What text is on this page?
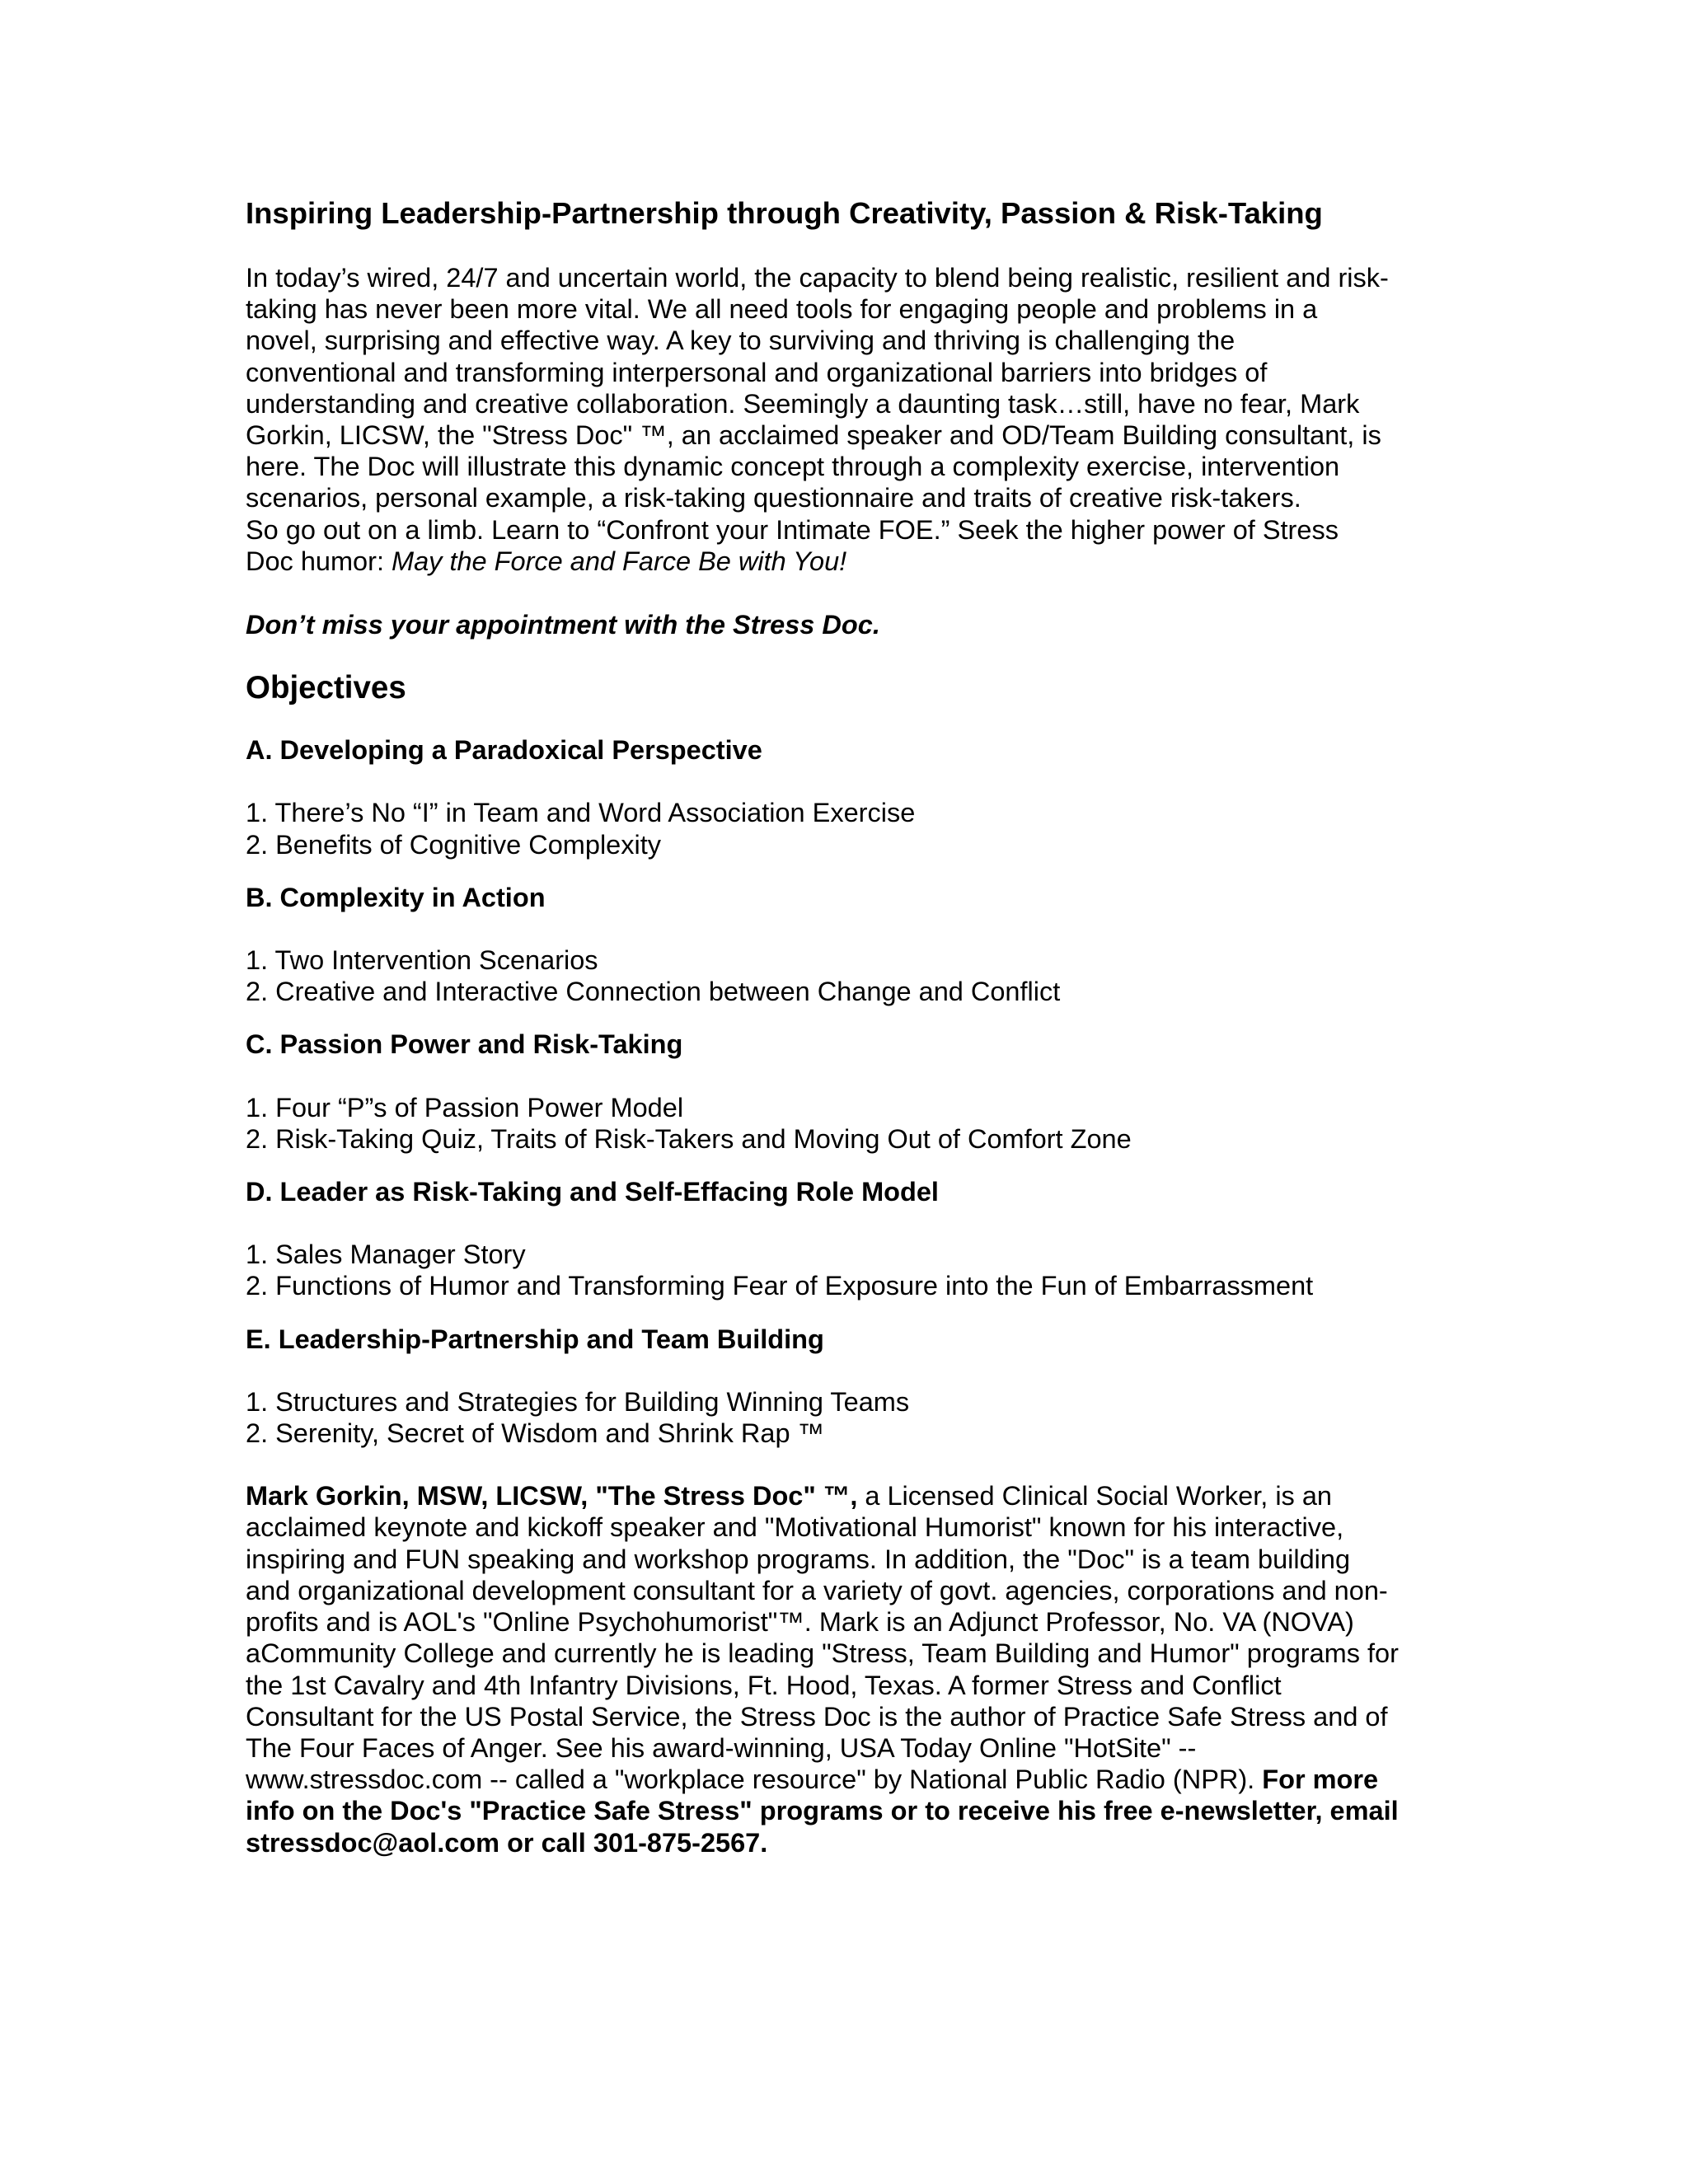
Inspiring Leadership-Partnership through Creativity, Passion & Risk-Taking
In today’s wired, 24/7 and uncertain world, the capacity to blend being realistic, resilient and risk-
taking has never been more vital. We all need tools for engaging people and problems in a
novel, surprising and effective way. A key to surviving and thriving is challenging the
conventional and transforming interpersonal and organizational barriers into bridges of
understanding and creative collaboration. Seemingly a daunting task…still, have no fear, Mark
Gorkin, LICSW, the "Stress Doc" ™, an acclaimed speaker and OD/Team Building consultant, is
here. The Doc will illustrate this dynamic concept through a complexity exercise, intervention
scenarios, personal example, a risk-taking questionnaire and traits of creative risk-takers.
So go out on a limb. Learn to “Confront your Intimate FOE.” Seek the higher power of Stress
Doc humor: May the Force and Farce Be with You!
Don’t miss your appointment with the Stress Doc.
Objectives
A. Developing a Paradoxical Perspective
1. There’s No “I” in Team and Word Association Exercise
2. Benefits of Cognitive Complexity
B. Complexity in Action
1. Two Intervention Scenarios
2. Creative and Interactive Connection between Change and Conflict
C. Passion Power and Risk-Taking
1. Four “P”s of Passion Power Model
2. Risk-Taking Quiz, Traits of Risk-Takers and Moving Out of Comfort Zone
D. Leader as Risk-Taking and Self-Effacing Role Model
1. Sales Manager Story
2. Functions of Humor and Transforming Fear of Exposure into the Fun of Embarrassment
E. Leadership-Partnership and Team Building
1. Structures and Strategies for Building Winning Teams
2. Serenity, Secret of Wisdom and Shrink Rap ™
Mark Gorkin, MSW, LICSW, "The Stress Doc" ™, a Licensed Clinical Social Worker, is an
acclaimed keynote and kickoff speaker and "Motivational Humorist" known for his interactive,
inspiring and FUN speaking and workshop programs. In addition, the "Doc" is a team building
and organizational development consultant for a variety of govt. agencies, corporations and non-
profits and is AOL's "Online Psychohumorist"™. Mark is an Adjunct Professor, No. VA (NOVA)
aCommunity College and currently he is leading "Stress, Team Building and Humor" programs for
the 1st Cavalry and 4th Infantry Divisions, Ft. Hood, Texas. A former Stress and Conflict
Consultant for the US Postal Service, the Stress Doc is the author of Practice Safe Stress and of
The Four Faces of Anger. See his award-winning, USA Today Online "HotSite" --
www.stressdoc.com -- called a "workplace resource" by National Public Radio (NPR). For more
info on the Doc's "Practice Safe Stress" programs or to receive his free e-newsletter, email
stressdoc@aol.com or call 301-875-2567.
